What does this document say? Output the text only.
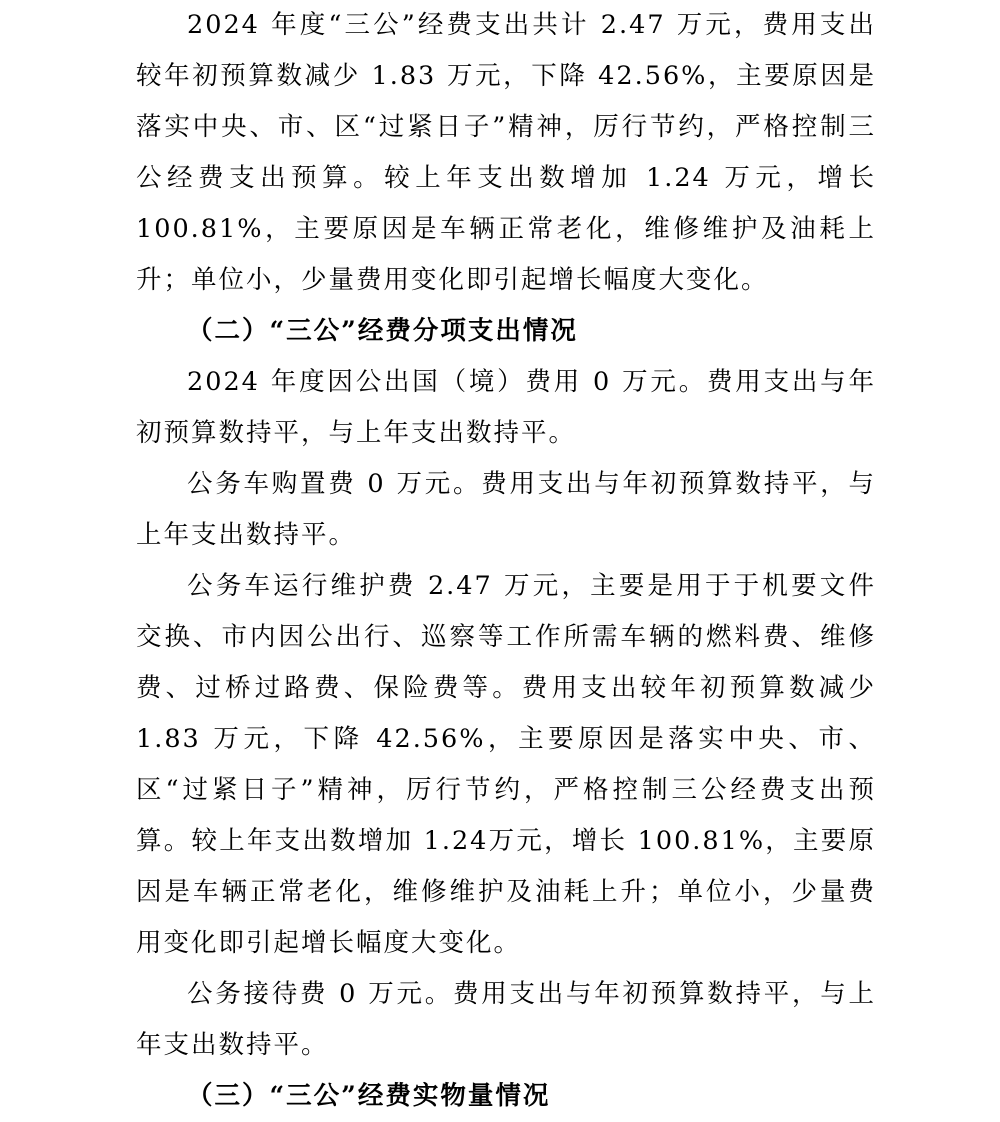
2024 年度“三公”经费支出共计 2.47 万元，费用支出较年初预算数减少 1.83 万元，下降 42.56%，主要原因是落实中央、市、区“过紧日子”精神，厉行节约，严格控制三公经费支出预算。较上年支出数增加 1.24 万元，增长 100.81%，主要原因是车辆正常老化，维修维护及油耗上升；单位小，少量费用变化即引起增长幅度大变化。

（二）“三公”经费分项支出情况

2024 年度因公出国（境）费用 0 万元。费用支出与年初预算数持平，与上年支出数持平。

公务车购置费 0 万元。费用支出与年初预算数持平，与上年支出数持平。

公务车运行维护费 2.47 万元，主要是用于于机要文件交换、市内因公出行、巡察等工作所需车辆的燃料费、维修费、过桥过路费、保险费等。费用支出较年初预算数减少 1.83 万元，下降 42.56%，主要原因是落实中央、市、区“过紧日子”精神，厉行节约，严格控制三公经费支出预算。较上年支出数增加 1.24万元，增长 100.81%，主要原因是车辆正常老化，维修维护及油耗上升；单位小，少量费用变化即引起增长幅度大变化。

公务接待费 0 万元。费用支出与年初预算数持平，与上年支出数持平。

（三）“三公”经费实物量情况
